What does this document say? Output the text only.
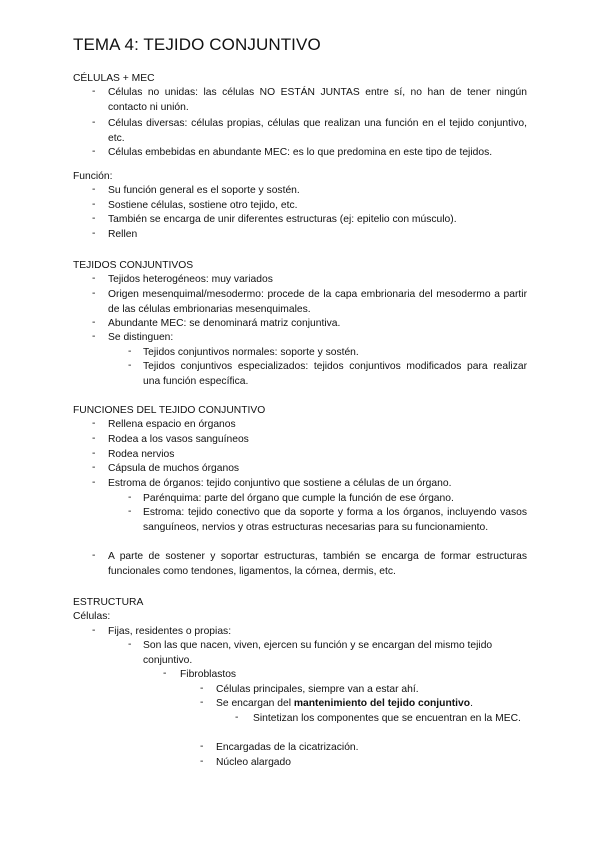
TEMA 4: TEJIDO CONJUNTIVO
CÉLULAS + MEC
- Células no unidas: las células NO ESTÁN JUNTAS entre sí, no han de tener ningún contacto ni unión.
- Células diversas: células propias, células que realizan una función en el tejido conjuntivo, etc.
- Células embebidas en abundante MEC: es lo que predomina en este tipo de tejidos.
Función:
- Su función general es el soporte y sostén.
- Sostiene células, sostiene otro tejido, etc.
- También se encarga de unir diferentes estructuras (ej: epitelio con músculo).
- Rellen
TEJIDOS CONJUNTIVOS
- Tejidos heterogéneos: muy variados
- Origen mesenquimal/mesodermo: procede de la capa embrionaria del mesodermo a partir de las células embrionarias mesenquimales.
- Abundante MEC: se denominará matriz conjuntiva.
- Se distinguen:
- Tejidos conjuntivos normales: soporte y sostén.
- Tejidos conjuntivos especializados: tejidos conjuntivos modificados para realizar una función específica.
FUNCIONES DEL TEJIDO CONJUNTIVO
- Rellena espacio en órganos
- Rodea a los vasos sanguíneos
- Rodea nervios
- Cápsula de muchos órganos
- Estroma de órganos: tejido conjuntivo que sostiene a células de un órgano.
- Parénquima: parte del órgano que cumple la función de ese órgano.
- Estroma: tejido conectivo que da soporte y forma a los órganos, incluyendo vasos sanguíneos, nervios y otras estructuras necesarias para su funcionamiento.
- A parte de sostener y soportar estructuras, también se encarga de formar estructuras funcionales como tendones, ligamentos, la córnea, dermis, etc.
ESTRUCTURA
Células:
- Fijas, residentes o propias:
- Son las que nacen, viven, ejercen su función y se encargan del mismo tejido conjuntivo.
- Fibroblastos
- Células principales, siempre van a estar ahí.
- Se encargan del mantenimiento del tejido conjuntivo.
- Sintetizan los componentes que se encuentran en la MEC.
- Encargadas de la cicatrización.
- Núcleo alargado
